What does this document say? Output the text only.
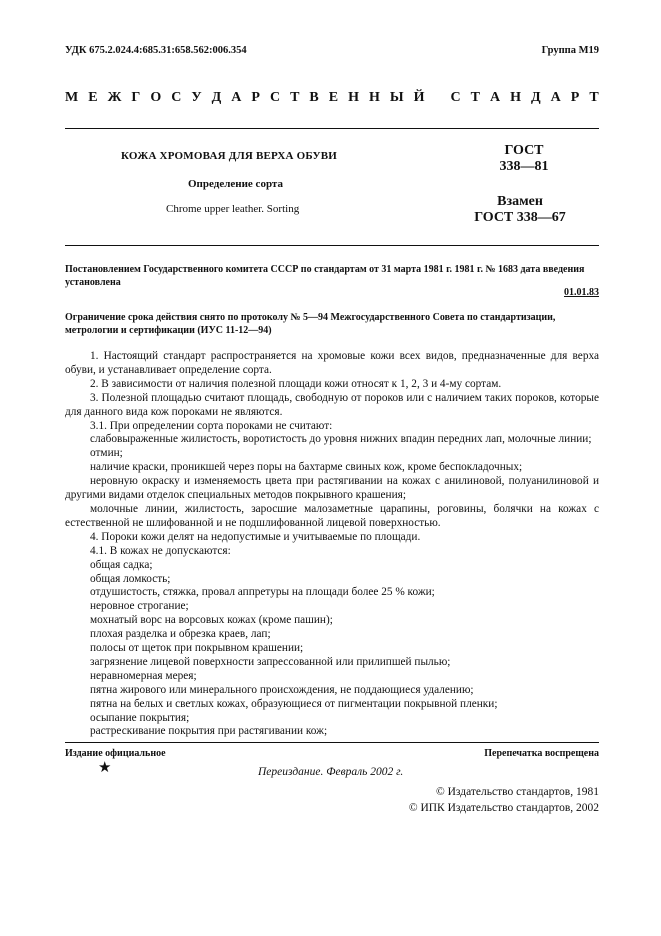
УДК 675.2.024.4:685.31:658.562:006.354	Группа М19
М Е Ж Г О С У Д А Р С Т В Е Н Н Ы Й С Т А Н Д А Р Т
КОЖА ХРОМОВАЯ ДЛЯ ВЕРХА ОБУВИ
Определение сорта
Chrome upper leather. Sorting
ГОСТ
338—81
Взамен
ГОСТ 338—67
Постановлением Государственного комитета СССР по стандартам от 31 марта 1981 г. 1981 г. № 1683 дата введения установлена
01.01.83
Ограничение срока действия снято по протоколу № 5—94 Межгосударственного Совета по стандартизации, метрологии и сертификации (ИУС 11-12—94)

1. Настоящий стандарт распространяется на хромовые кожи всех видов, предназначенные для верха обуви, и устанавливает определение сорта.

2. В зависимости от наличия полезной площади кожи относят к 1, 2, 3 и 4-му сортам.

3. Полезной площадью считают площадь, свободную от пороков или с наличием таких пороков, которые для данного вида кож пороками не являются.

3.1. При определении сорта пороками не считают:

слабовыраженные жилистость, воротистость до уровня нижних впадин передних лап, молочные линии;

отмин;

наличие краски, проникшей через поры на бахтарме свиных кож, кроме беспокладочных;

неровную окраску и изменяемость цвета при растягивании на кожах с анилиновой, полуанилиновой и другими видами отделок специальных методов покрывного крашения;

молочные линии, жилистость, заросшие малозаметные царапины, роговины, болячки на кожах с естественной не шлифованной и не подшлифованной лицевой поверхностью.

4. Пороки кожи делят на недопустимые и учитываемые по площади.

4.1. В кожах не допускаются:

общая садка;

общая ломкость;

отдушистость, стяжка, провал аппретуры на площади более 25 % кожи;

неровное строгание;

мохнатый ворс на ворсовых кожах (кроме пашин);

плохая разделка и обрезка краев, лап;

полосы от щеток при покрывном крашении;

загрязнение лицевой поверхности запрессованной или прилипшей пылью;

неравномерная мерея;

пятна жирового или минерального происхождения, не поддающиеся удалению;

пятна на белых и светлых кожах, образующиеся от пигментации покрывной пленки;

осыпание покрытия;

растрескивание покрытия при растягивании кож;

Издание официальное	Перепечатка воспрещена
★	Переиздание. Февраль 2002 г.
© Издательство стандартов, 1981
© ИПК Издательство стандартов, 2002
